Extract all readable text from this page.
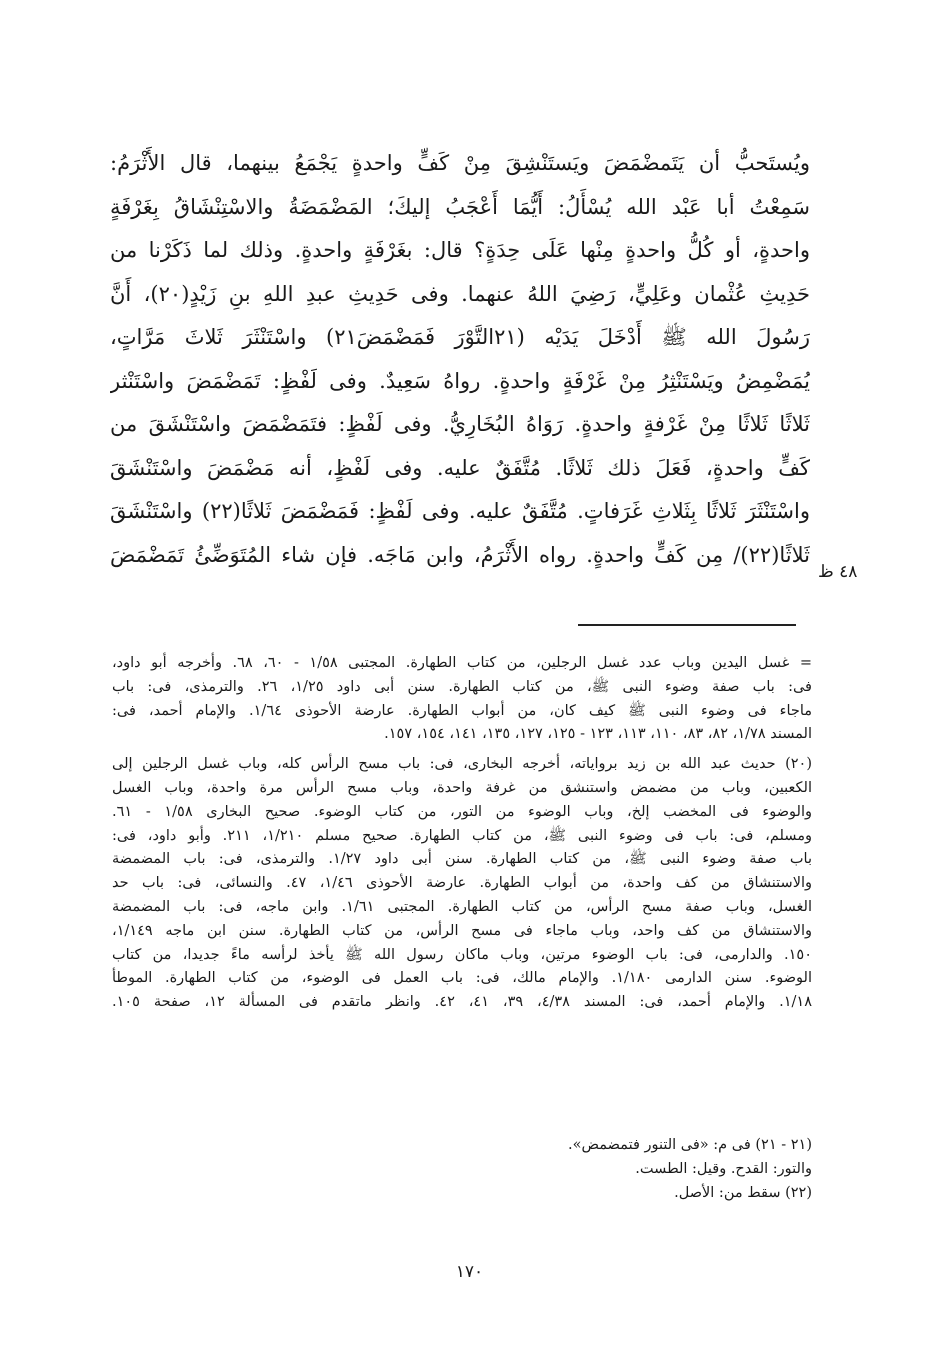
ويُستَحبُّ أن يَتَمضْمَضَ ويَستَنْشِقَ مِنْ كَفٍّ واحدةٍ يَجْمَعُ بينهما، قال الأَثْرَمُ:
سَمِعْتُ أبا عَبْد الله يُسْأَلُ: أَيُّمَا أَعْجَبُ إليكَ؛ المَضْمَضَةُ والاسْتِنْشَاقُ بِغَرْفَةٍ
واحدةٍ، أو كُلُّ واحدةٍ مِنْها عَلَى حِدَةٍ؟ قال: بغَرْفَةٍ واحدةٍ. وذلك لما ذَكَرْنا من
حَدِيثِ عُثْمان وعَلِيٍّ، رَضِيَ اللهُ عنهما. وفى حَدِيثِ عبدِ اللهِ بنِ زَيْدٍ(٢٠)، أَنَّ
رَسُولَ الله ﷺ أَدْخَلَ يَدَيْه (٢١التَّوْرَ فَمَضْمَضَ٢١) واسْتَنْثَرَ ثَلاثَ مَرَّاتٍ،
يُمَضْمِضُ ويَسْتَنْثِرُ مِنْ غَرْفَةٍ واحدةٍ. رواهُ سَعِيدٌ. وفى لَفْظٍ: تَمَضْمَضَ واسْتَنْثر
ثَلاثًا ثَلاثًا مِنْ غَرْفةٍ واحدةٍ. رَوَاهُ البُخَارِيُّ. وفى لَفْظٍ: فتَمَضْمَضَ واسْتَنْشَقَ من
كَفٍّ واحدةٍ، فَعَلَ ذلك ثَلاثًا. مُتَّفَقٌ عليه. وفى لَفْظٍ، أنه مَضْمَضَ واسْتَنْشَقَ
واسْتَنْثَرَ ثَلاثًا بِثَلاثِ غَرَفاتٍ. مُتَّفَقٌ عليه. وفى لَفْظٍ: فَمَضْمَضَ ثَلاثًا(٢٢) واسْتَنْشَقَ
ثَلاثًا(٢٢)/ مِن كَفٍّ واحدةٍ. رواه الأَثْرَمُ، وابن مَاجَه. فإن شاء المُتَوَضِّئُ تَمَضْمَضَ
٤٨ ظ
= غسل اليدين وباب عدد غسل الرجلين، من كتاب الطهارة. المجتبى ١/٥٨ - ٦٠، ٦٨. وأخرجه أبو داود،
فى: باب صفة وضوء النبى ﷺ، من كتاب الطهارة. سنن أبى داود ١/٢٥، ٢٦. والترمذى، فى: باب
ماجاء فى وضوء النبى ﷺ كيف كان، من أبواب الطهارة. عارضة الأحوذى ١/٦٤. والإمام أحمد، فى:
المسند ١/٧٨، ٨٢، ٨٣، ١١٠، ١١٣، ١٢٣ - ١٢٥، ١٢٧، ١٣٥، ١٤١، ١٥٤، ١٥٧.
(٢٠) حديث عبد الله بن زيد برواياته، أخرجه البخارى، فى: باب مسح الرأس كله، وباب غسل الرجلين إلى
الكعبين، وباب من مضمض واستنشق من غرفة واحدة، وباب مسح الرأس مرة واحدة، وباب الغسل
والوضوء فى المخضب إلخ، وباب الوضوء من التور، من كتاب الوضوء. صحيح البخارى ١/٥٨ - ٦١.
ومسلم، فى: باب فى وضوء النبى ﷺ، من كتاب الطهارة. صحيح مسلم ١/٢١٠، ٢١١. وأبو داود، فى:
باب صفة وضوء النبى ﷺ، من كتاب الطهارة. سنن أبى داود ١/٢٧. والترمذى، فى: باب المضمضة
والاستنشاق من كف واحدة، من أبواب الطهارة. عارضة الأحوذى ١/٤٦، ٤٧. والنسائى، فى: باب حد
الغسل، وباب صفة مسح الرأس، من كتاب الطهارة. المجتبى ١/٦١. وابن ماجه، فى: باب المضمضة
والاستنشاق من كف واحد، وباب ماجاء فى مسح الرأس، من كتاب الطهارة. سنن ابن ماجه ١/١٤٩،
١٥٠. والدارمى، فى: باب الوضوء مرتين، وباب ماكان رسول الله ﷺ يأخذ لرأسه ماءً جديدا، من كتاب
الوضوء. سنن الدارمى ١/١٨٠. والإمام مالك، فى: باب العمل فى الوضوء، من كتاب الطهارة. الموطأ
١/١٨. والإمام أحمد، فى: المسند ٤/٣٨، ٣٩، ٤١، ٤٢. وانظر ماتقدم فى المسألة ١٢، صفحة ١٠٥.
(٢١ - ٢١) فى م: «فى التنور فتمضمض».
والتور: القدح. وقيل: الطست.
(٢٢) سقط من: الأصل.
١٧٠
